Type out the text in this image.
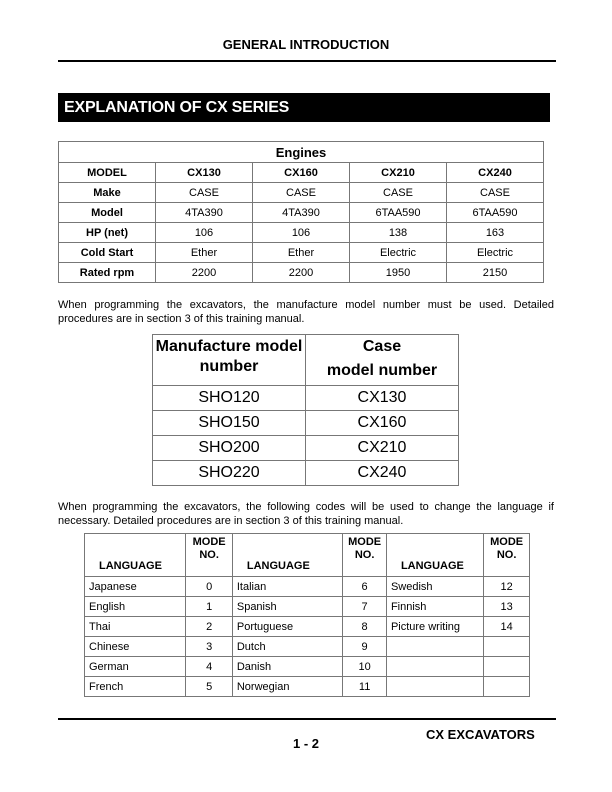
GENERAL INTRODUCTION
EXPLANATION OF CX SERIES
Engines				
MODEL	CX130	CX160	CX210	CX240
Make	CASE	CASE	CASE	CASE
Model	4TA390	4TA390	6TAA590	6TAA590
HP (net)	106	106	138	163
Cold Start	Ether	Ether	Electric	Electric
Rated rpm	2200	2200	1950	2150
When programming the excavators, the manufacture model number must be used. Detailed procedures are in section 3 of this training manual.
Manufacture model number	Case
model number

SHO120	CX130
SHO150	CX160
SHO200	CX210
SHO220	CX240
When programming the excavators, the following codes will be used to change the language if necessary. Detailed procedures are in section 3 of this training manual.
LANGUAGE	MODE NO.	LANGUAGE	MODE NO.	LANGUAGE	MODE NO.
Japanese	0	Italian	6	Swedish	12
English	1	Spanish	7	Finnish	13
Thai	2	Portuguese	8	Picture writing	14
Chinese	3	Dutch	9		
German	4	Danish	10		
French	5	Norwegian	11		
CX EXCAVATORS
1 - 2
